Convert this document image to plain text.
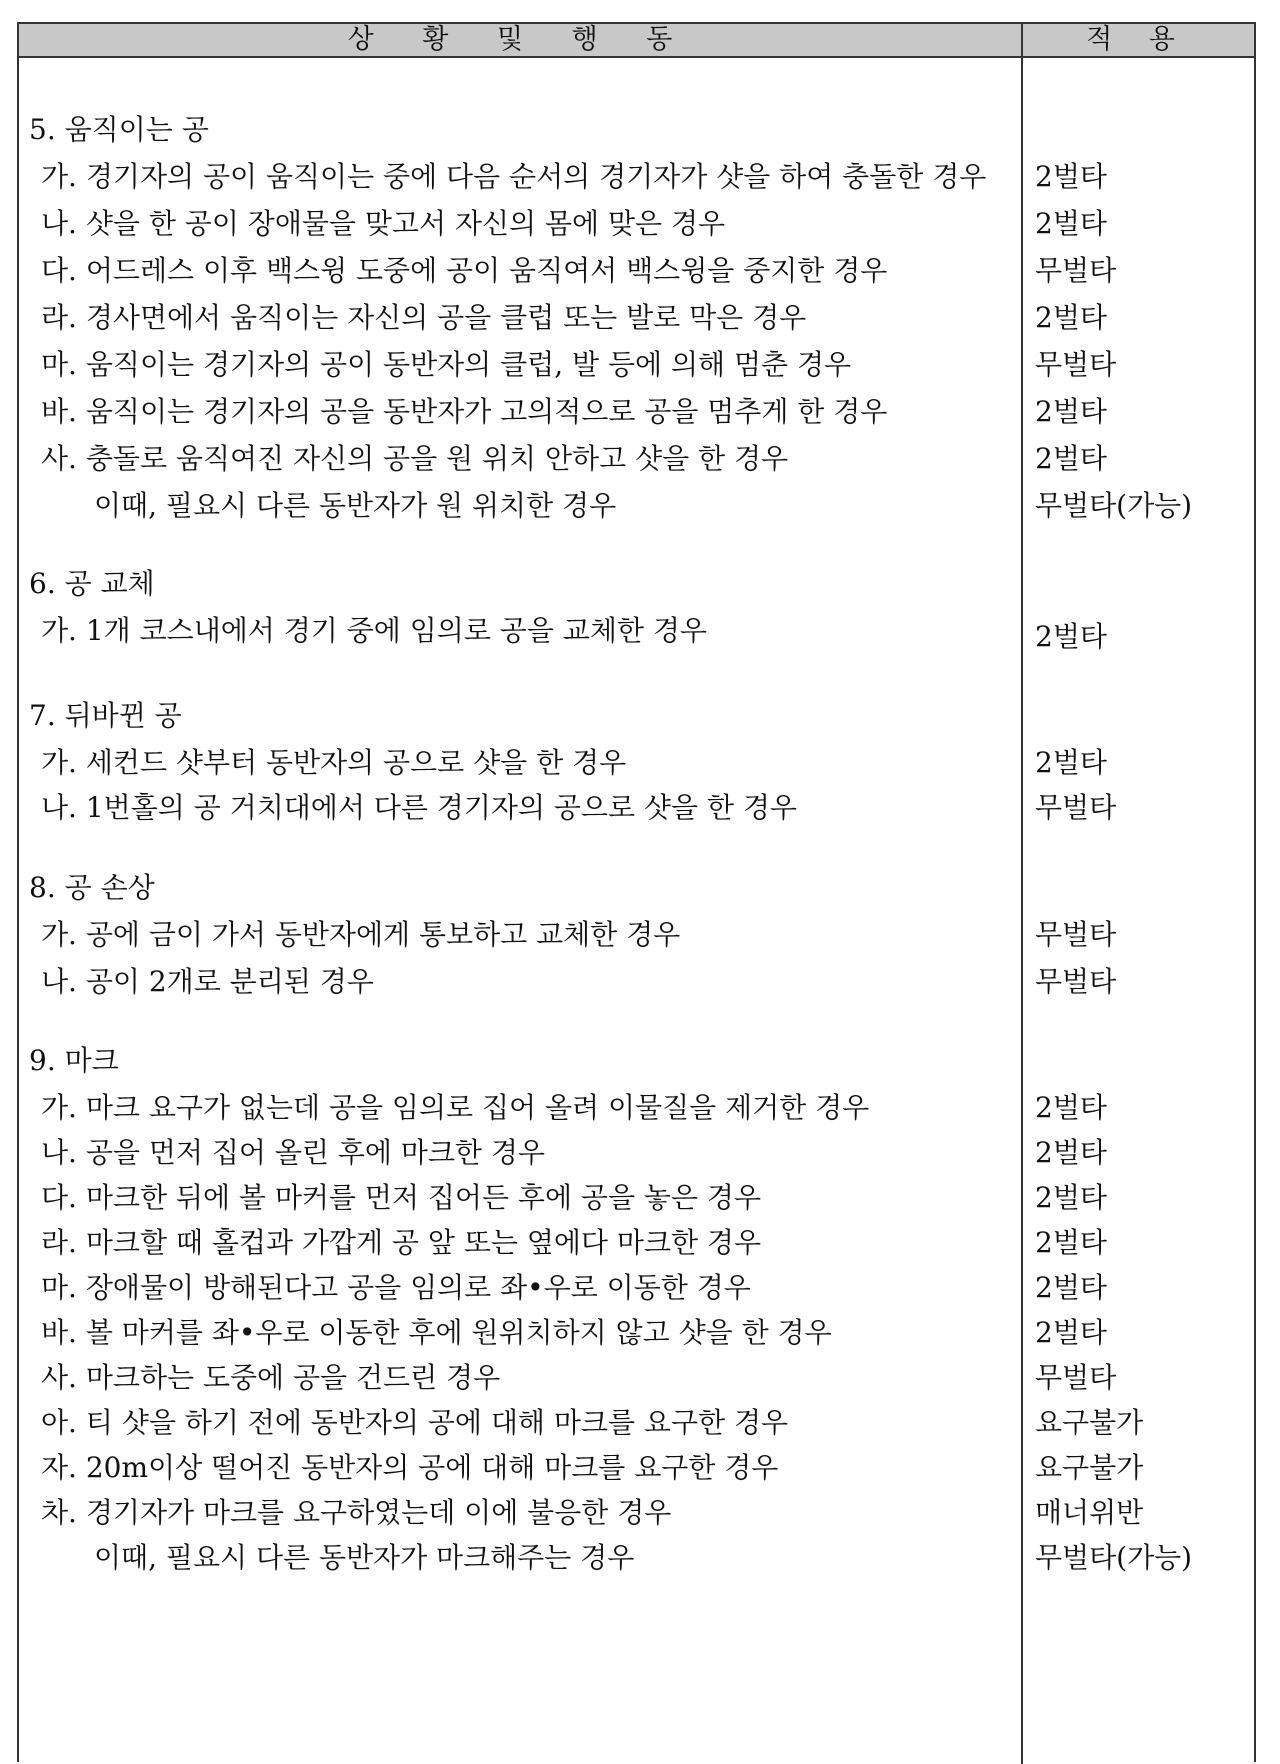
상 황 및 행 동	적 용
5. 움직이는 공
가. 경기자의 공이 움직이는 중에 다음 순서의 경기자가 샷을 하여 충돌한 경우
나. 샷을 한 공이 장애물을 맞고서 자신의 몸에 맞은 경우
다. 어드레스 이후 백스윙 도중에 공이 움직여서 백스윙을 중지한 경우
라. 경사면에서 움직이는 자신의 공을 클럽 또는 발로 막은 경우
마. 움직이는 경기자의 공이 동반자의 클럽, 발 등에 의해 멈춘 경우
바. 움직이는 경기자의 공을 동반자가 고의적으로 공을 멈추게 한 경우
사. 충돌로 움직여진 자신의 공을 원 위치 안하고 샷을 한 경우
이때, 필요시 다른 동반자가 원 위치한 경우
6. 공 교체
가. 1개 코스내에서 경기 중에 임의로 공을 교체한 경우
7. 뒤바뀐 공
가. 세컨드 샷부터 동반자의 공으로 샷을 한 경우
나. 1번홀의 공 거치대에서 다른 경기자의 공으로 샷을 한 경우
8. 공 손상
가. 공에 금이 가서 동반자에게 통보하고 교체한 경우
나. 공이 2개로 분리된 경우
9. 마크
가. 마크 요구가 없는데 공을 임의로 집어 올려 이물질을 제거한 경우
나. 공을 먼저 집어 올린 후에 마크한 경우
다. 마크한 뒤에 볼 마커를 먼저 집어든 후에 공을 놓은 경우
라. 마크할 때 홀컵과 가깝게 공 앞 또는 옆에다 마크한 경우
마. 장애물이 방해된다고 공을 임의로 좌•우로 이동한 경우
바. 볼 마커를 좌•우로 이동한 후에 원위치하지 않고 샷을 한 경우
사. 마크하는 도중에 공을 건드린 경우
아. 티 샷을 하기 전에 동반자의 공에 대해 마크를 요구한 경우
자. 20m이상 떨어진 동반자의 공에 대해 마크를 요구한 경우
차. 경기자가 마크를 요구하였는데 이에 불응한 경우
이때, 필요시 다른 동반자가 마크해주는 경우
2벌타
2벌타
무벌타
2벌타
무벌타
2벌타
2벌타
무벌타(가능)
2벌타
2벌타
무벌타
무벌타
무벌타
2벌타
2벌타
2벌타
2벌타
2벌타
2벌타
무벌타
요구불가
요구불가
매너위반
무벌타(가능)
